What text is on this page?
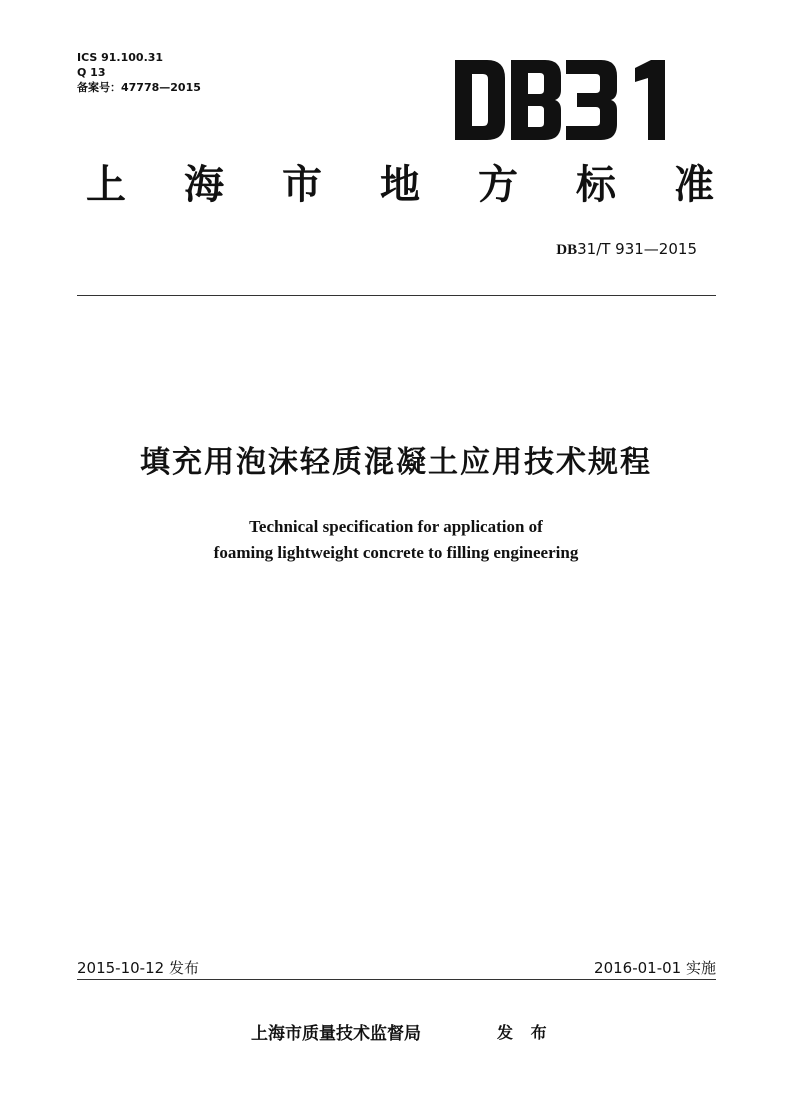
ICS 91.100.31
Q 13
备案号：47778—2015
上	海	市	地	方	标	准
DB31/T 931—2015
填充用泡沫轻质混凝土应用技术规程
Technical specification for application of
foaming lightweight concrete to filling engineering
2015-10-12 发布	2016-01-01 实施
上海市质量技术监督局	发 布
